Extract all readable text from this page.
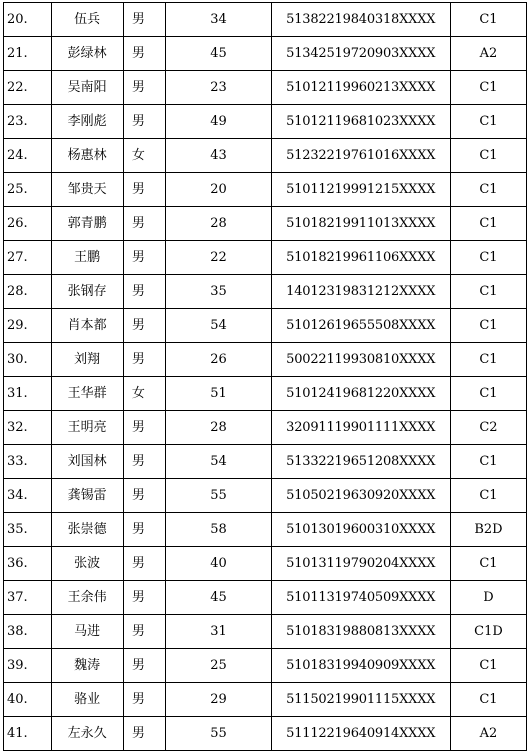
20.	伍兵	男	34	51382219840318XXXX	C1
21.	彭绿林	男	45	51342519720903XXXX	A2
22.	吴南阳	男	23	51012119960213XXXX	C1
23.	李刚彪	男	49	51012119681023XXXX	C1
24.	杨惠林	女	43	51232219761016XXXX	C1
25.	邹贵天	男	20	51011219991215XXXX	C1
26.	郭青鹏	男	28	51018219911013XXXX	C1
27.	王鹏	男	22	51018219961106XXXX	C1
28.	张钢存	男	35	14012319831212XXXX	C1
29.	肖本都	男	54	51012619655508XXXX	C1
30.	刘翔	男	26	50022119930810XXXX	C1
31.	王华群	女	51	51012419681220XXXX	C1
32.	王明亮	男	28	32091119901111XXXX	C2
33.	刘国林	男	54	51332219651208XXXX	C1
34.	龚锡雷	男	55	51050219630920XXXX	C1
35.	张崇德	男	58	51013019600310XXXX	B2D
36.	张波	男	40	51013119790204XXXX	C1
37.	王余伟	男	45	51011319740509XXXX	D
38.	马进	男	31	51018319880813XXXX	C1D
39.	魏涛	男	25	51018319940909XXXX	C1
40.	骆业	男	29	51150219901115XXXX	C1
41.	左永久	男	55	51112219640914XXXX	A2
